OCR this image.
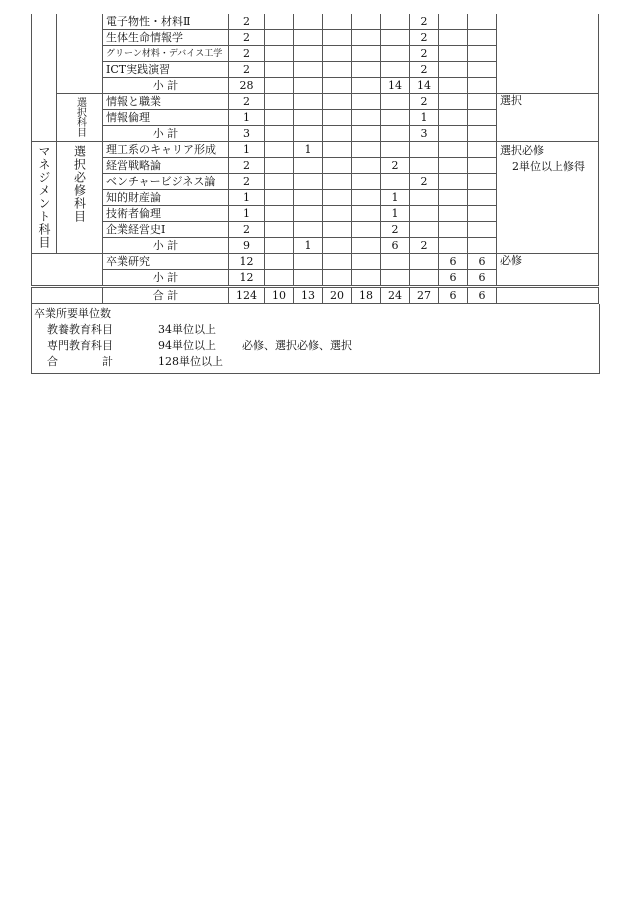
		電子物性・材料Ⅱ	2						2			
		生体生命情報学	2						2			
		グリーン材料・デバイス工学	2						2			
		ICT実践演習	2						2			
		小 計	28					14	14			

	選択科目	情報と職業	2						2			選択
		情報倫理	1						1			
		小 計	3						3			

マネジメント科目	選択必修科目	理工系のキャリア形成	1		1							選択必修
2単位以上修得

		経営戦略論	2					2				
		ベンチャービジネス論	2						2			
		知的財産論	1					1				
		技術者倫理	1					1				
		企業経営史Ⅰ	2					2				
		小 計	9		1			6	2			
		卒業研究	12							6	6	必修
		小 計	12							6	6	
		合 計	124	10	13	20	18	24	27	6	6	
卒業所要単位数
教養教育科目	34単位以上
専門教育科目	94単位以上	必修、選択必修、選択
合　　　　計	128単位以上
